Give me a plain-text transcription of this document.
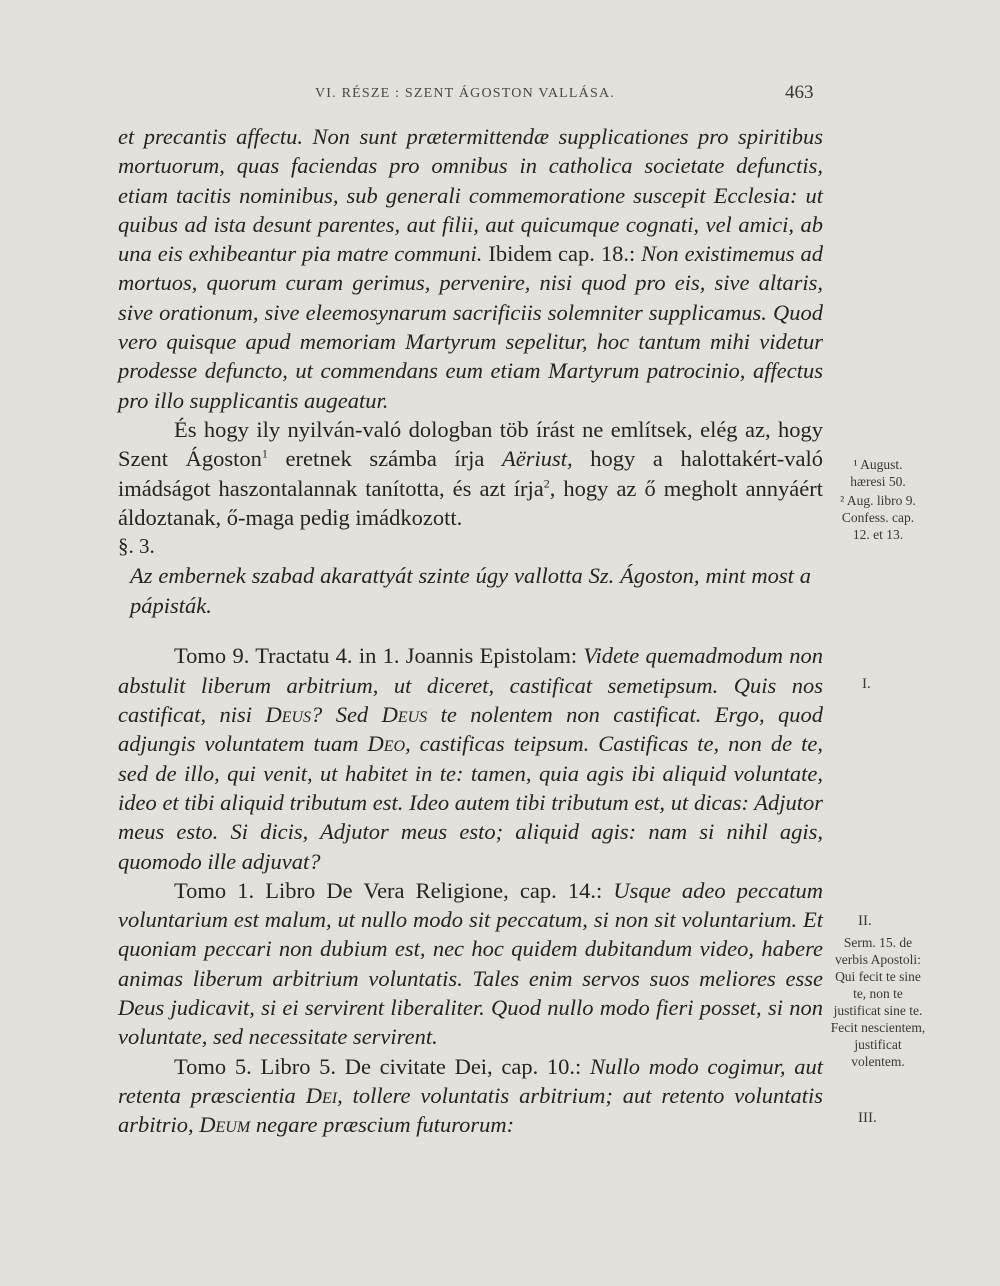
VI. RÉSZE : SZENT ÁGOSTON VALLÁSA.	463

et precantis affectu. Non sunt prætermittendæ supplicationes pro spiritibus mortuorum, quas faciendas pro omnibus in catholica societate defunctis, etiam tacitis nominibus, sub generali commemoratione suscepit Ecclesia: ut quibus ad ista desunt parentes, aut filii, aut quicumque cognati, vel amici, ab una eis exhibeantur pia matre communi. Ibidem cap. 18.: Non existimemus ad mortuos, quorum curam gerimus, pervenire, nisi quod pro eis, sive altaris, sive orationum, sive eleemosynarum sacrificiis solemniter supplicamus. Quod vero quisque apud memoriam Martyrum sepelitur, hoc tantum mihi videtur prodesse defuncto, ut commendans eum etiam Martyrum patrocinio, affectus pro illo supplicantis augeatur.

És hogy ily nyilván-való dologban töb írást ne említsek, elég az, hogy Szent Ágoston$^1$ eretnek számba írja Aëriust, hogy a halottakért-való imádságot haszontalannak tanította, és azt írja$^2$, hogy az ő megholt annyáért áldoztanak, ő-maga pedig imádkozott.

§. 3.

Az embernek szabad akarattyát szinte úgy vallotta Sz. Ágoston, mint most a pápisták.

Tomo 9. Tractatu 4. in 1. Joannis Epistolam: Videte quemadmodum non abstulit liberum arbitrium, ut diceret, castificat semetipsum. Quis nos castificat, nisi Deus? Sed Deus te nolentem non castificat. Ergo, quod adjungis voluntatem tuam Deo, castificas teipsum. Castificas te, non de te, sed de illo, qui venit, ut habitet in te: tamen, quia agis ibi aliquid voluntate, ideo et tibi aliquid tributum est. Ideo autem tibi tributum est, ut dicas: Adjutor meus esto. Si dicis, Adjutor meus esto; aliquid agis: nam si nihil agis, quomodo ille adjuvat?

Tomo 1. Libro De Vera Religione, cap. 14.: Usque adeo peccatum voluntarium est malum, ut nullo modo sit peccatum, si non sit voluntarium. Et quoniam peccari non dubium est, nec hoc quidem dubitandum video, habere animas liberum arbitrium voluntatis. Tales enim servos suos meliores esse Deus judicavit, si ei servirent liberaliter. Quod nullo modo fieri posset, si non voluntate, sed necessitate servirent.

Tomo 5. Libro 5. De civitate Dei, cap. 10.: Nullo modo cogimur, aut retenta præscientia Dei, tollere voluntatis arbitrium; aut retento voluntatis arbitrio, Deum negare præscium futurorum:

¹ August. hæresi 50.
² Aug. libro 9. Confess. cap. 12. et 13.
I.
II.
Serm. 15. de verbis Apostoli: Qui fecit te sine te, non te justificat sine te. Fecit nescientem, justificat volentem.
III.
